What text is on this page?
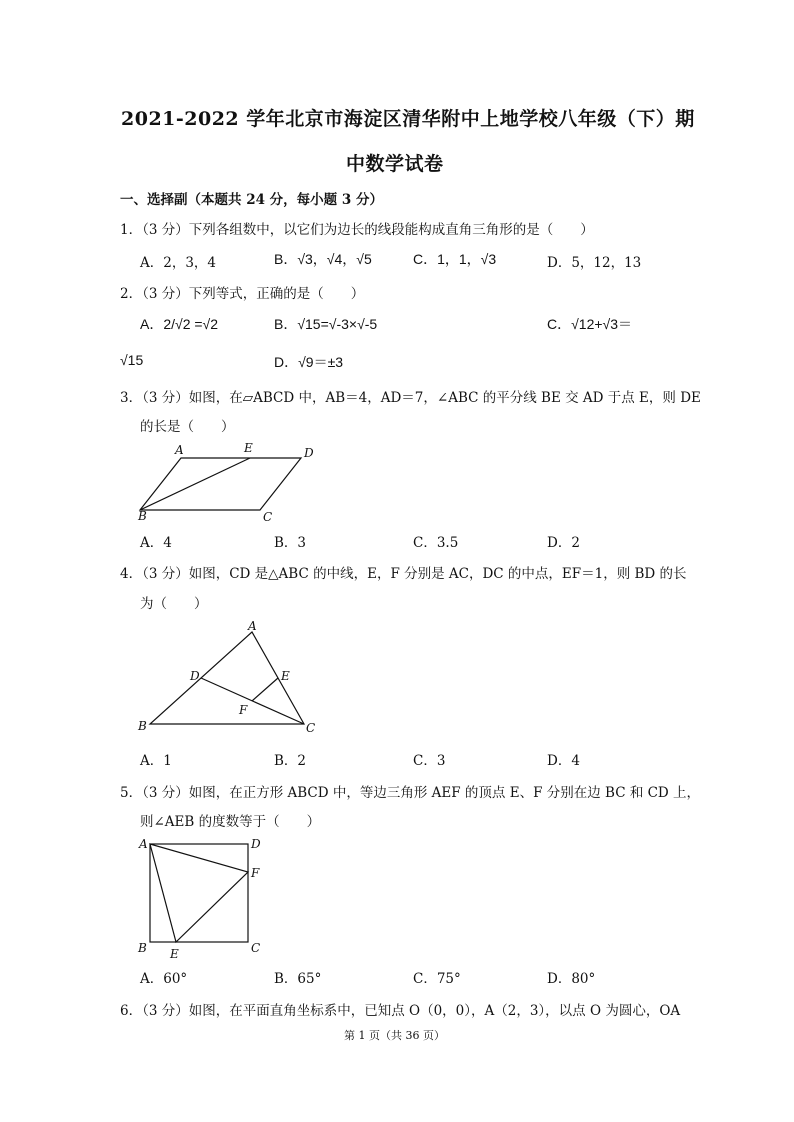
2021-2022 学年北京市海淀区清华附中上地学校八年级（下）期
中数学试卷
一、选择副（本题共 24 分，每小题 3 分）
1．（3 分）下列各组数中，以它们为边长的线段能构成直角三角形的是（　　）
A．2，3，4	B．√3，√4，√5	C．1，1，√3	D．5，12，13
2．（3 分）下列等式，正确的是（　　）
A．2/√2 =√2	B．√15=√-3×√-5	C．√12+√3＝
√15	D．√9＝±3
3．（3 分）如图，在▱ABCD 中，AB＝4，AD＝7，∠ABC 的平分线 BE 交 AD 于点 E，则 DE
的长是（　　）
A	E	D
B	C
A．4	B．3	C．3.5	D．2
4．（3 分）如图，CD 是△ABC 的中线，E，F 分别是 AC，DC 的中点，EF＝1，则 BD 的长
为（　　）
A
D	E
F
B	C
A．1	B．2	C．3	D．4
5．（3 分）如图，在正方形 ABCD 中，等边三角形 AEF 的顶点 E、F 分别在边 BC 和 CD 上，
则∠AEB 的度数等于（　　）
A	D
F
B E	C
A．60°	B．65°	C．75°	D．80°
6．（3 分）如图，在平面直角坐标系中，已知点 O（0，0），A（2，3），以点 O 为圆心，OA
第 1 页（共 36 页）
